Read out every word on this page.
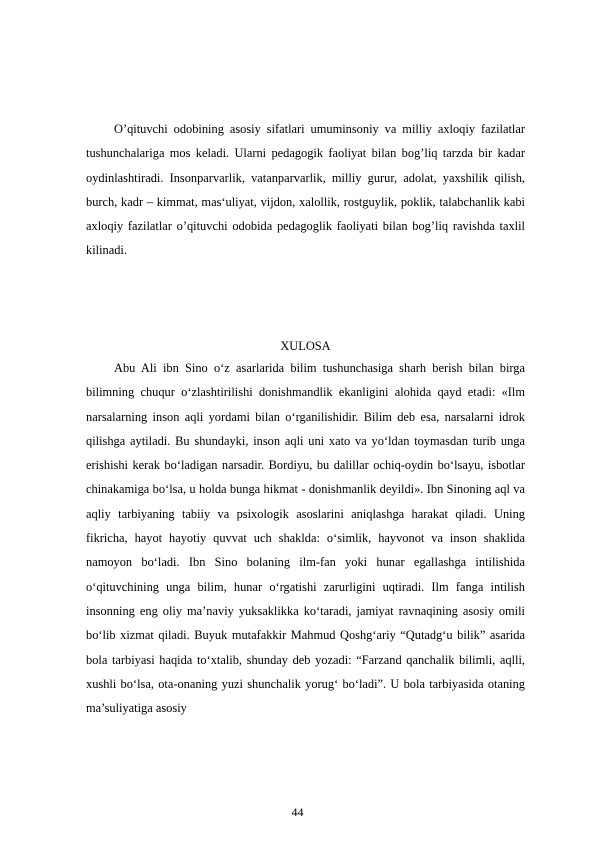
O’qituvchi odobining asosiy sifatlari umuminsoniy va milliy axloqiy fazilatlar tushunchalariga mos keladi. Ularni pedagogik faoliyat bilan bog’liq tarzda bir kadar oydinlashtiradi. Insonparvarlik, vatanparvarlik, milliy gurur, adolat, yaxshilik qilish, burch, kadr – kimmat, mas‘uliyat, vijdon, xalollik, rostguylik, poklik, talabchanlik kabi axloqiy fazilatlar o’qituvchi odobida pedagoglik faoliyati bilan bog’liq ravishda taxlil kilinadi.

XULOSA

Abu Ali ibn Sino o‘z asarlarida bilim tushunchasiga sharh berish bilan birga bilimning chuqur o‘zlashtirilishi donishmandlik ekanligini alohida qayd etadi: «Ilm narsalarning inson aqli yordami bilan o‘rganilishidir. Bilim deb esa, narsalarni idrok qilishga aytiladi. Bu shundayki, inson aqli uni xato va yo‘ldan toymasdan turib unga erishishi kerak bo‘ladigan narsadir. Bordiyu, bu dalillar ochiq-oydin bo‘lsayu, isbotlar chinakamiga bo‘lsa, u holda bunga hikmat - donishmanlik deyildi». Ibn Sinoning aql va aqliy tarbiyaning tabiiy va psixologik asoslarini aniqlashga harakat qiladi. Uning fikricha, hayot hayotiy quvvat uch shaklda: o‘simlik, hayvonot va inson shaklida namoyon bo‘ladi. Ibn Sino bolaning ilm-fan yoki hunar egallashga intilishida o‘qituvchining unga bilim, hunar o‘rgatishi zarurligini uqtiradi. Ilm fanga intilish insonning eng oliy ma’naviy yuksaklikka ko‘taradi, jamiyat ravnaqining asosiy omili bo‘lib xizmat qiladi. Buyuk mutafakkir Mahmud Qoshg‘ariy “Qutadg‘u bilik” asarida bola tarbiyasi haqida to‘xtalib, shunday deb yozadi: “Farzand qanchalik bilimli, aqlli, xushli bo‘lsa, ota-onaning yuzi shunchalik yorug‘ bo‘ladi”. U bola tarbiyasida otaning ma’suliyatiga asosiy

44
